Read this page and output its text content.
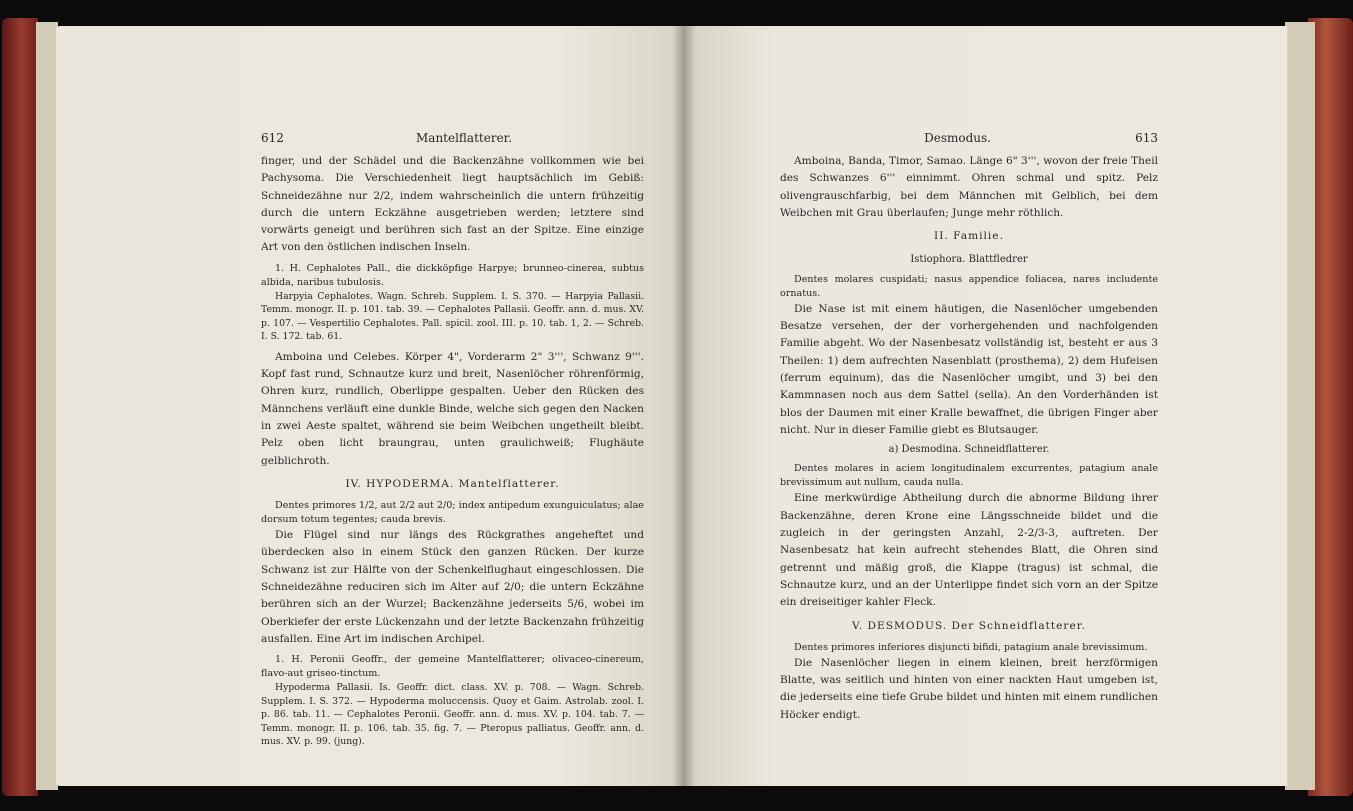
612	Mantelflatterer.

finger, und der Schädel und die Backenzähne vollkommen wie bei Pachysoma. Die Verschiedenheit liegt hauptsächlich im Gebiß: Schneidezähne nur 2/2, indem wahrscheinlich die untern frühzeitig durch die untern Eckzähne ausgetrieben werden; letztere sind vorwärts geneigt und berühren sich fast an der Spitze. Eine einzige Art von den östlichen indischen Inseln.

1. H. Cephalotes Pall., die dickköpfige Harpye; brunneo-cinerea, subtus albida, naribus tubulosis.

Harpyia Cephalotes. Wagn. Schreb. Supplem. I. S. 370. — Harpyia Pallasii. Temm. monogr. II. p. 101. tab. 39. — Cephalotes Pallasii. Geoffr. ann. d. mus. XV. p. 107. — Vespertilio Cephalotes. Pall. spicil. zool. III. p. 10. tab. 1, 2. — Schreb. I. S. 172. tab. 61.

Amboina und Celebes. Körper 4", Vorderarm 2" 3''', Schwanz 9'''. Kopf fast rund, Schnautze kurz und breit, Nasenlöcher röhrenförmig, Ohren kurz, rundlich, Oberlippe gespalten. Ueber den Rücken des Männchens verläuft eine dunkle Binde, welche sich gegen den Nacken in zwei Aeste spaltet, während sie beim Weibchen ungetheilt bleibt. Pelz oben licht braungrau, unten graulichweiß; Flughäute gelblichroth.

IV. HYPODERMA. Mantelflatterer.

Dentes primores 1/2, aut 2/2 aut 2/0; index antipedum exunguiculatus; alae dorsum totum tegentes; cauda brevis.

Die Flügel sind nur längs des Rückgrathes angeheftet und überdecken also in einem Stück den ganzen Rücken. Der kurze Schwanz ist zur Hälfte von der Schenkelflughaut eingeschlossen. Die Schneidezähne reduciren sich im Alter auf 2/0; die untern Eckzähne berühren sich an der Wurzel; Backenzähne jederseits 5/6, wobei im Oberkiefer der erste Lückenzahn und der letzte Backenzahn frühzeitig ausfallen. Eine Art im indischen Archipel.

1. H. Peronii Geoffr., der gemeine Mantelflatterer; olivaceo-cinereum, flavo-aut griseo-tinctum.

Hypoderma Pallasii. Is. Geoffr. dict. class. XV. p. 708. — Wagn. Schreb. Supplem. I. S. 372. — Hypoderma moluccensis. Quoy et Gaim. Astrolab. zool. I. p. 86. tab. 11. — Cephalotes Peronii. Geoffr. ann. d. mus. XV. p. 104. tab. 7. — Temm. monogr. II. p. 106. tab. 35. fig. 7. — Pteropus palliatus. Geoffr. ann. d. mus. XV. p. 99. (jung).

Desmodus.	613

Amboina, Banda, Timor, Samao. Länge 6" 3''', wovon der freie Theil des Schwanzes 6''' einnimmt. Ohren schmal und spitz. Pelz olivengrauschfarbig, bei dem Männchen mit Gelblich, bei dem Weibchen mit Grau überlaufen; Junge mehr röthlich.

II. Familie.
Istiophora. Blattfledrer

Dentes molares cuspidati; nasus appendice foliacea, nares includente ornatus.

Die Nase ist mit einem häutigen, die Nasenlöcher umgebenden Besatze versehen, der der vorhergehenden und nachfolgenden Familie abgeht. Wo der Nasenbesatz vollständig ist, besteht er aus 3 Theilen: 1) dem aufrechten Nasenblatt (prosthema), 2) dem Hufeisen (ferrum equinum), das die Nasenlöcher umgibt, und 3) bei den Kammnasen noch aus dem Sattel (sella). An den Vorderhänden ist blos der Daumen mit einer Kralle bewaffnet, die übrigen Finger aber nicht. Nur in dieser Familie giebt es Blutsauger.

a) Desmodina. Schneidflatterer.

Dentes molares in aciem longitudinalem excurrentes, patagium anale brevissimum aut nullum, cauda nulla.

Eine merkwürdige Abtheilung durch die abnorme Bildung ihrer Backenzähne, deren Krone eine Längsschneide bildet und die zugleich in der geringsten Anzahl, 2-2/3-3, auftreten. Der Nasenbesatz hat kein aufrecht stehendes Blatt, die Ohren sind getrennt und mäßig groß, die Klappe (tragus) ist schmal, die Schnautze kurz, und an der Unterlippe findet sich vorn an der Spitze ein dreiseitiger kahler Fleck.

V. DESMODUS. Der Schneidflatterer.

Dentes primores inferiores disjuncti bifidi, patagium anale brevissimum.

Die Nasenlöcher liegen in einem kleinen, breit herzförmigen Blatte, was seitlich und hinten von einer nackten Haut umgeben ist, die jederseits eine tiefe Grube bildet und hinten mit einem rundlichen Höcker endigt.
